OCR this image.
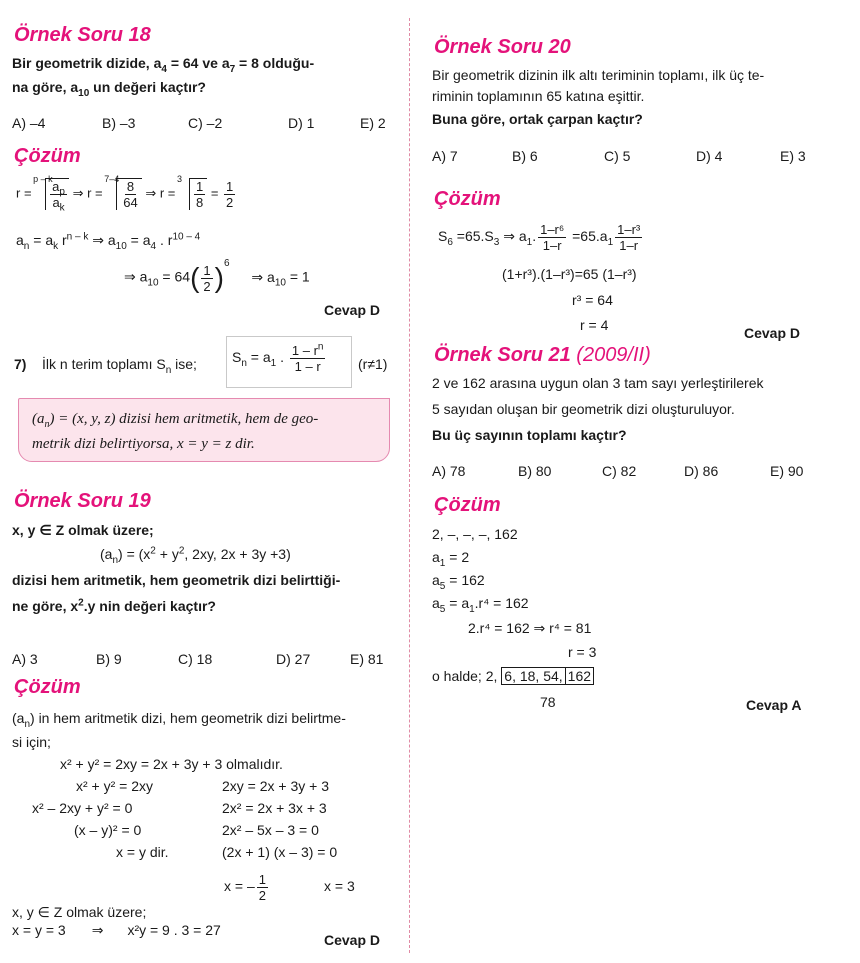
Örnek Soru 18
Bir geometrik dizide, $a_4 = 64$ ve $a_7 = 8$ olduğu-
na göre, $a_{10}$ un değeri kaçtır?
A) –4	B) –3	C) –2	D) 1	E) 2
Çözüm
r =
p – k
$\frac{a_p}{a_k}$ ⇒ r =
$7-4 \frac{8}{64}$ ⇒ r =
$3 \frac{1}{8} = \frac{1}{2}$
$a_n = a_k$ $r^{n - k}$ ⇒ $a_{10} = a_4$ . $r^{10 - 4}$
⇒ $a_{10} = 64( \frac{1}{2} )^6$ ⇒ $a_{10} = 1$
Cevap D
7) İlk n terim toplamı $S_n$ ise;	$S_n = a_1$ . $\frac{1 - r^n}{1 - r} (r\ne 1)$
$(a_n) = (x$, y, z) dizisi hem aritmetik, hem de geo-
metrik dizi belirtiyorsa, x = y = z dir.
Örnek Soru 19
x, y ∈ Z olmak üzere;
$(a_n) = (x^2 + y^2$, 2xy, 2x + 3y +3)
dizisi hem aritmetik, hem geometrik dizi belirttiği-
ne göre, $x^2.y$ nin değeri kaçtır?
A) 3	B) 9	C) 18	D) 27	E) 81
Çözüm
$(a_n)$ in hem aritmetik dizi, hem geometrik dizi belirtme-
si için;
x² + y² = 2xy = 2x + 3y + 3 olmalıdır.
x² + y² = 2xy
x² – 2xy + y² = 0
(x – y)² = 0
x = y dir.
2xy = 2x + 3y + 3
2x² = 2x + 3x + 3
2x² – 5x – 3 = 0
(2x + 1) (x – 3) = 0
x = – $\frac{1}{2}$	x = 3
x, y ∈ Z olmak üzere;
x = y = 3 ⇒ x²y = 9 . 3 = 27
Cevap D
Örnek Soru 20
Bir geometrik dizinin ilk altı teriminin toplamı, ilk üç te-
riminin toplamının 65 katına eşittir.
Buna göre, ortak çarpan kaçtır?
A) 7	B) 6	C) 5	D) 4	E) 3
Çözüm
$S_6 =65.S_3$ ⇒ $a_1$. $\frac{\text{1–r⁶}}{1-r} =65.a_1 \frac{\text{1–r³}}{1-r}$
(1+r³).(1–r³)=65 (1–r³)
r³ = 64
r = 4	Cevap D
Örnek Soru 21 (2009/II)
2 ve 162 arasına uygun olan 3 tam sayı yerleştirilerek
5 sayıdan oluşan bir geometrik dizi oluşturuluyor.
Bu üç sayının toplamı kaçtır?
A) 78	B) 80	C) 82	D) 86	E) 90
Çözüm
2, –, –, –, 162
$a_1 = 2$
$a_5 = 162$
$a_5 = a_1.r^4 = 162$
2.r⁴ = 162 ⇒ r⁴ = 81
r = 3
o halde; 2, 6, 18, 54, 162
78	Cevap A
